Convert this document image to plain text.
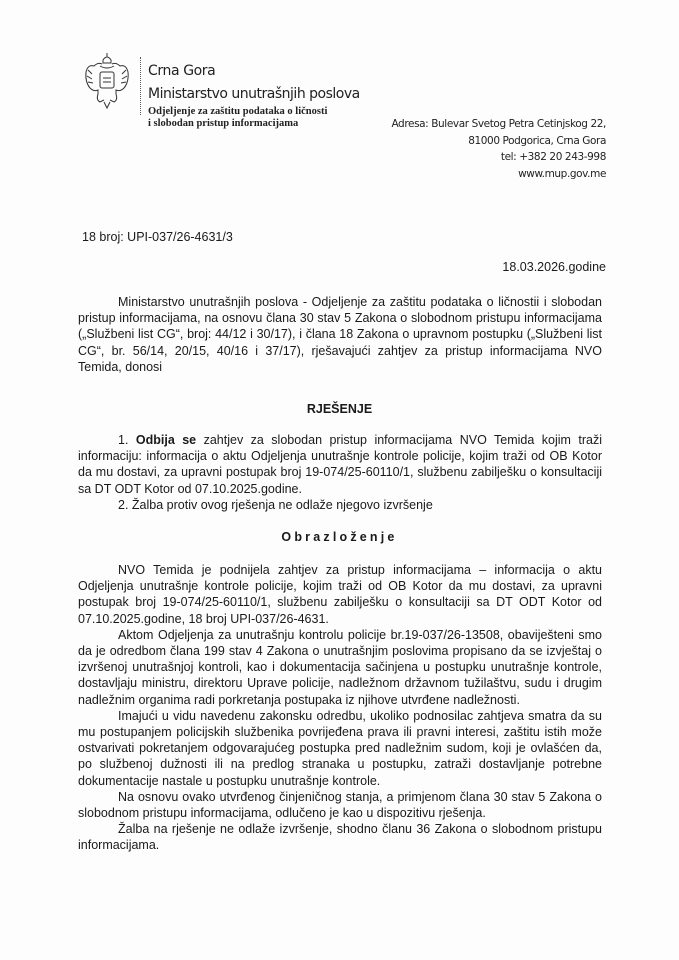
Crna Gora
Ministarstvo unutrašnjih poslova
Odjeljenje za zaštitu podataka o ličnosti
i slobodan pristup informacijama	Adresa: Bulevar Svetog Petra Cetinjskog 22,
81000 Podgorica, Crna Gora
tel: +382 20 243-998
www.mup.gov.me
18 broj: UPI-037/26-4631/3
18.03.2026.godine
Ministarstvo unutrašnjih poslova - Odjeljenje za zaštitu podataka o ličnostii i slobodan pristup informacijama, na osnovu člana 30 stav 5 Zakona o slobodnom pristupu informacijama („Službeni list CG“, broj: 44/12 i 30/17), i člana 18 Zakona o upravnom postupku („Službeni list CG“, br. 56/14, 20/15, 40/16 i 37/17), rješavajući zahtjev za pristup informacijama NVO Temida, donosi
RJEŠENJE
1. Odbija se zahtjev za slobodan pristup informacijama NVO Temida kojim traži informaciju: informacija o aktu Odjeljenja unutrašnje kontrole policije, kojim traži od OB Kotor da mu dostavi, za upravni postupak broj 19-074/25-60110/1, službenu zabilješku o konsultaciji sa DT ODT Kotor od 07.10.2025.godine.
2. Žalba protiv ovog rješenja ne odlaže njegovo izvršenje
Obrazloženje
NVO Temida je podnijela zahtjev za pristup informacijama – informacija o aktu Odjeljenja unutrašnje kontrole policije, kojim traži od OB Kotor da mu dostavi, za upravni postupak broj 19-074/25-60110/1, službenu zabilješku o konsultaciji sa DT ODT Kotor od 07.10.2025.godine, 18 broj UPI-037/26-4631.
Aktom Odjeljenja za unutrašnju kontrolu policije br.19-037/26-13508, obaviješteni smo da je odredbom člana 199 stav 4 Zakona o unutrašnjim poslovima propisano da se izvještaj o izvršenoj unutrašnjoj kontroli, kao i dokumentacija sačinjena u postupku unutrašnje kontrole, dostavljaju ministru, direktoru Uprave policije, nadležnom državnom tužilaštvu, sudu i drugim nadležnim organima radi porkretanja postupaka iz njihove utvrđene nadležnosti.
Imajući u vidu navedenu zakonsku odredbu, ukoliko podnosilac zahtjeva smatra da su mu postupanjem policijskih službenika povrijeđena prava ili pravni interesi, zaštitu istih može ostvarivati pokretanjem odgovarajućeg postupka pred nadležnim sudom, koji je ovlašćen da, po službenoj dužnosti ili na predlog stranaka u postupku, zatraži dostavljanje potrebne dokumentacije nastale u postupku unutrašnje kontrole.
Na osnovu ovako utvrđenog činjeničnog stanja, a primjenom člana 30 stav 5 Zakona o slobodnom pristupu informacijama, odlučeno je kao u dispozitivu rješenja.
Žalba na rješenje ne odlaže izvršenje, shodno članu 36 Zakona o slobodnom pristupu informacijama.
